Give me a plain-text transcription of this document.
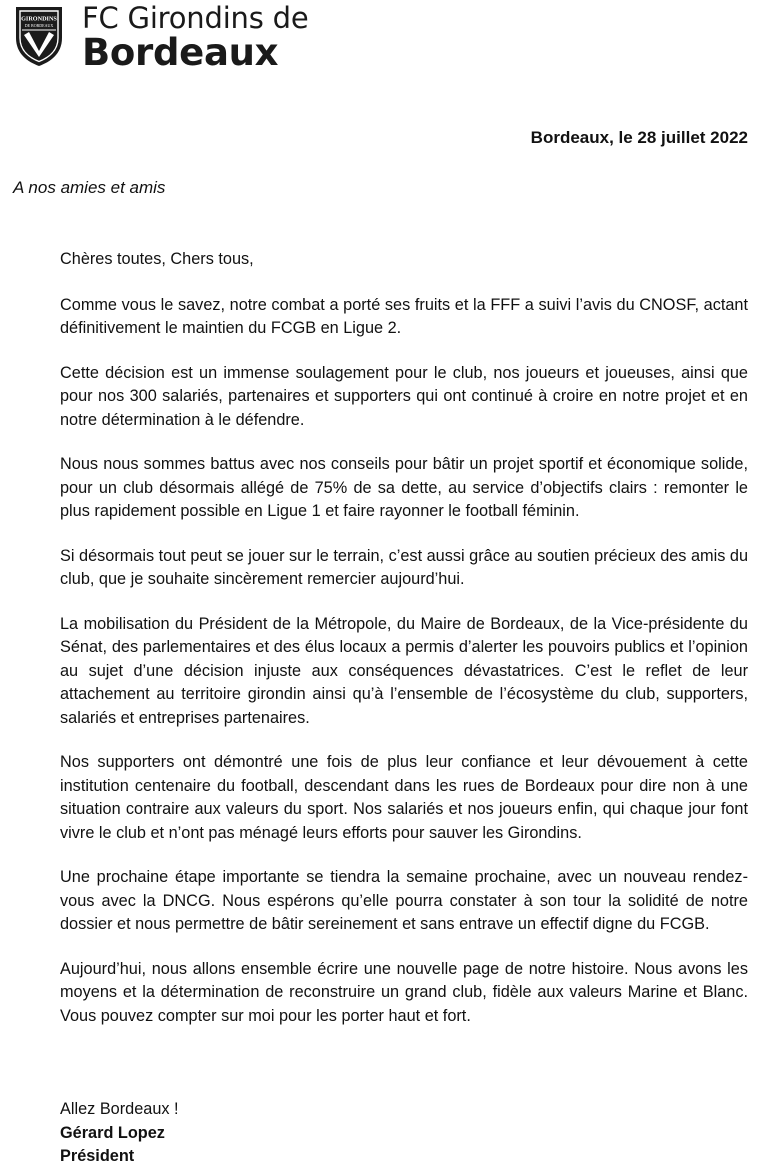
GIRONDINS
DE BORDEAUX FC Girondins de
Bordeaux
Bordeaux, le 28 juillet 2022
A nos amies et amis

Chères toutes, Chers tous,

Comme vous le savez, notre combat a porté ses fruits et la FFF a suivi l’avis du CNOSF, actant définitivement le maintien du FCGB en Ligue 2.

Cette décision est un immense soulagement pour le club, nos joueurs et joueuses, ainsi que pour nos 300 salariés, partenaires et supporters qui ont continué à croire en notre projet et en notre détermination à le défendre.

Nous nous sommes battus avec nos conseils pour bâtir un projet sportif et économique solide, pour un club désormais allégé de 75% de sa dette, au service d’objectifs clairs : remonter le plus rapidement possible en Ligue 1 et faire rayonner le football féminin.

Si désormais tout peut se jouer sur le terrain, c’est aussi grâce au soutien précieux des amis du club, que je souhaite sincèrement remercier aujourd’hui.

La mobilisation du Président de la Métropole, du Maire de Bordeaux, de la Vice-présidente du Sénat, des parlementaires et des élus locaux a permis d’alerter les pouvoirs publics et l’opinion au sujet d’une décision injuste aux conséquences dévastatrices. C’est le reflet de leur attachement au territoire girondin ainsi qu’à l’ensemble de l’écosystème du club, supporters, salariés et entreprises partenaires.

Nos supporters ont démontré une fois de plus leur confiance et leur dévouement à cette institution centenaire du football, descendant dans les rues de Bordeaux pour dire non à une situation contraire aux valeurs du sport. Nos salariés et nos joueurs enfin, qui chaque jour font vivre le club et n’ont pas ménagé leurs efforts pour sauver les Girondins.

Une prochaine étape importante se tiendra la semaine prochaine, avec un nouveau rendez-vous avec la DNCG. Nous espérons qu’elle pourra constater à son tour la solidité de notre dossier et nous permettre de bâtir sereinement et sans entrave un effectif digne du FCGB.

Aujourd’hui, nous allons ensemble écrire une nouvelle page de notre histoire. Nous avons les moyens et la détermination de reconstruire un grand club, fidèle aux valeurs Marine et Blanc. Vous pouvez compter sur moi pour les porter haut et fort.

Allez Bordeaux !
Gérard Lopez
Président
